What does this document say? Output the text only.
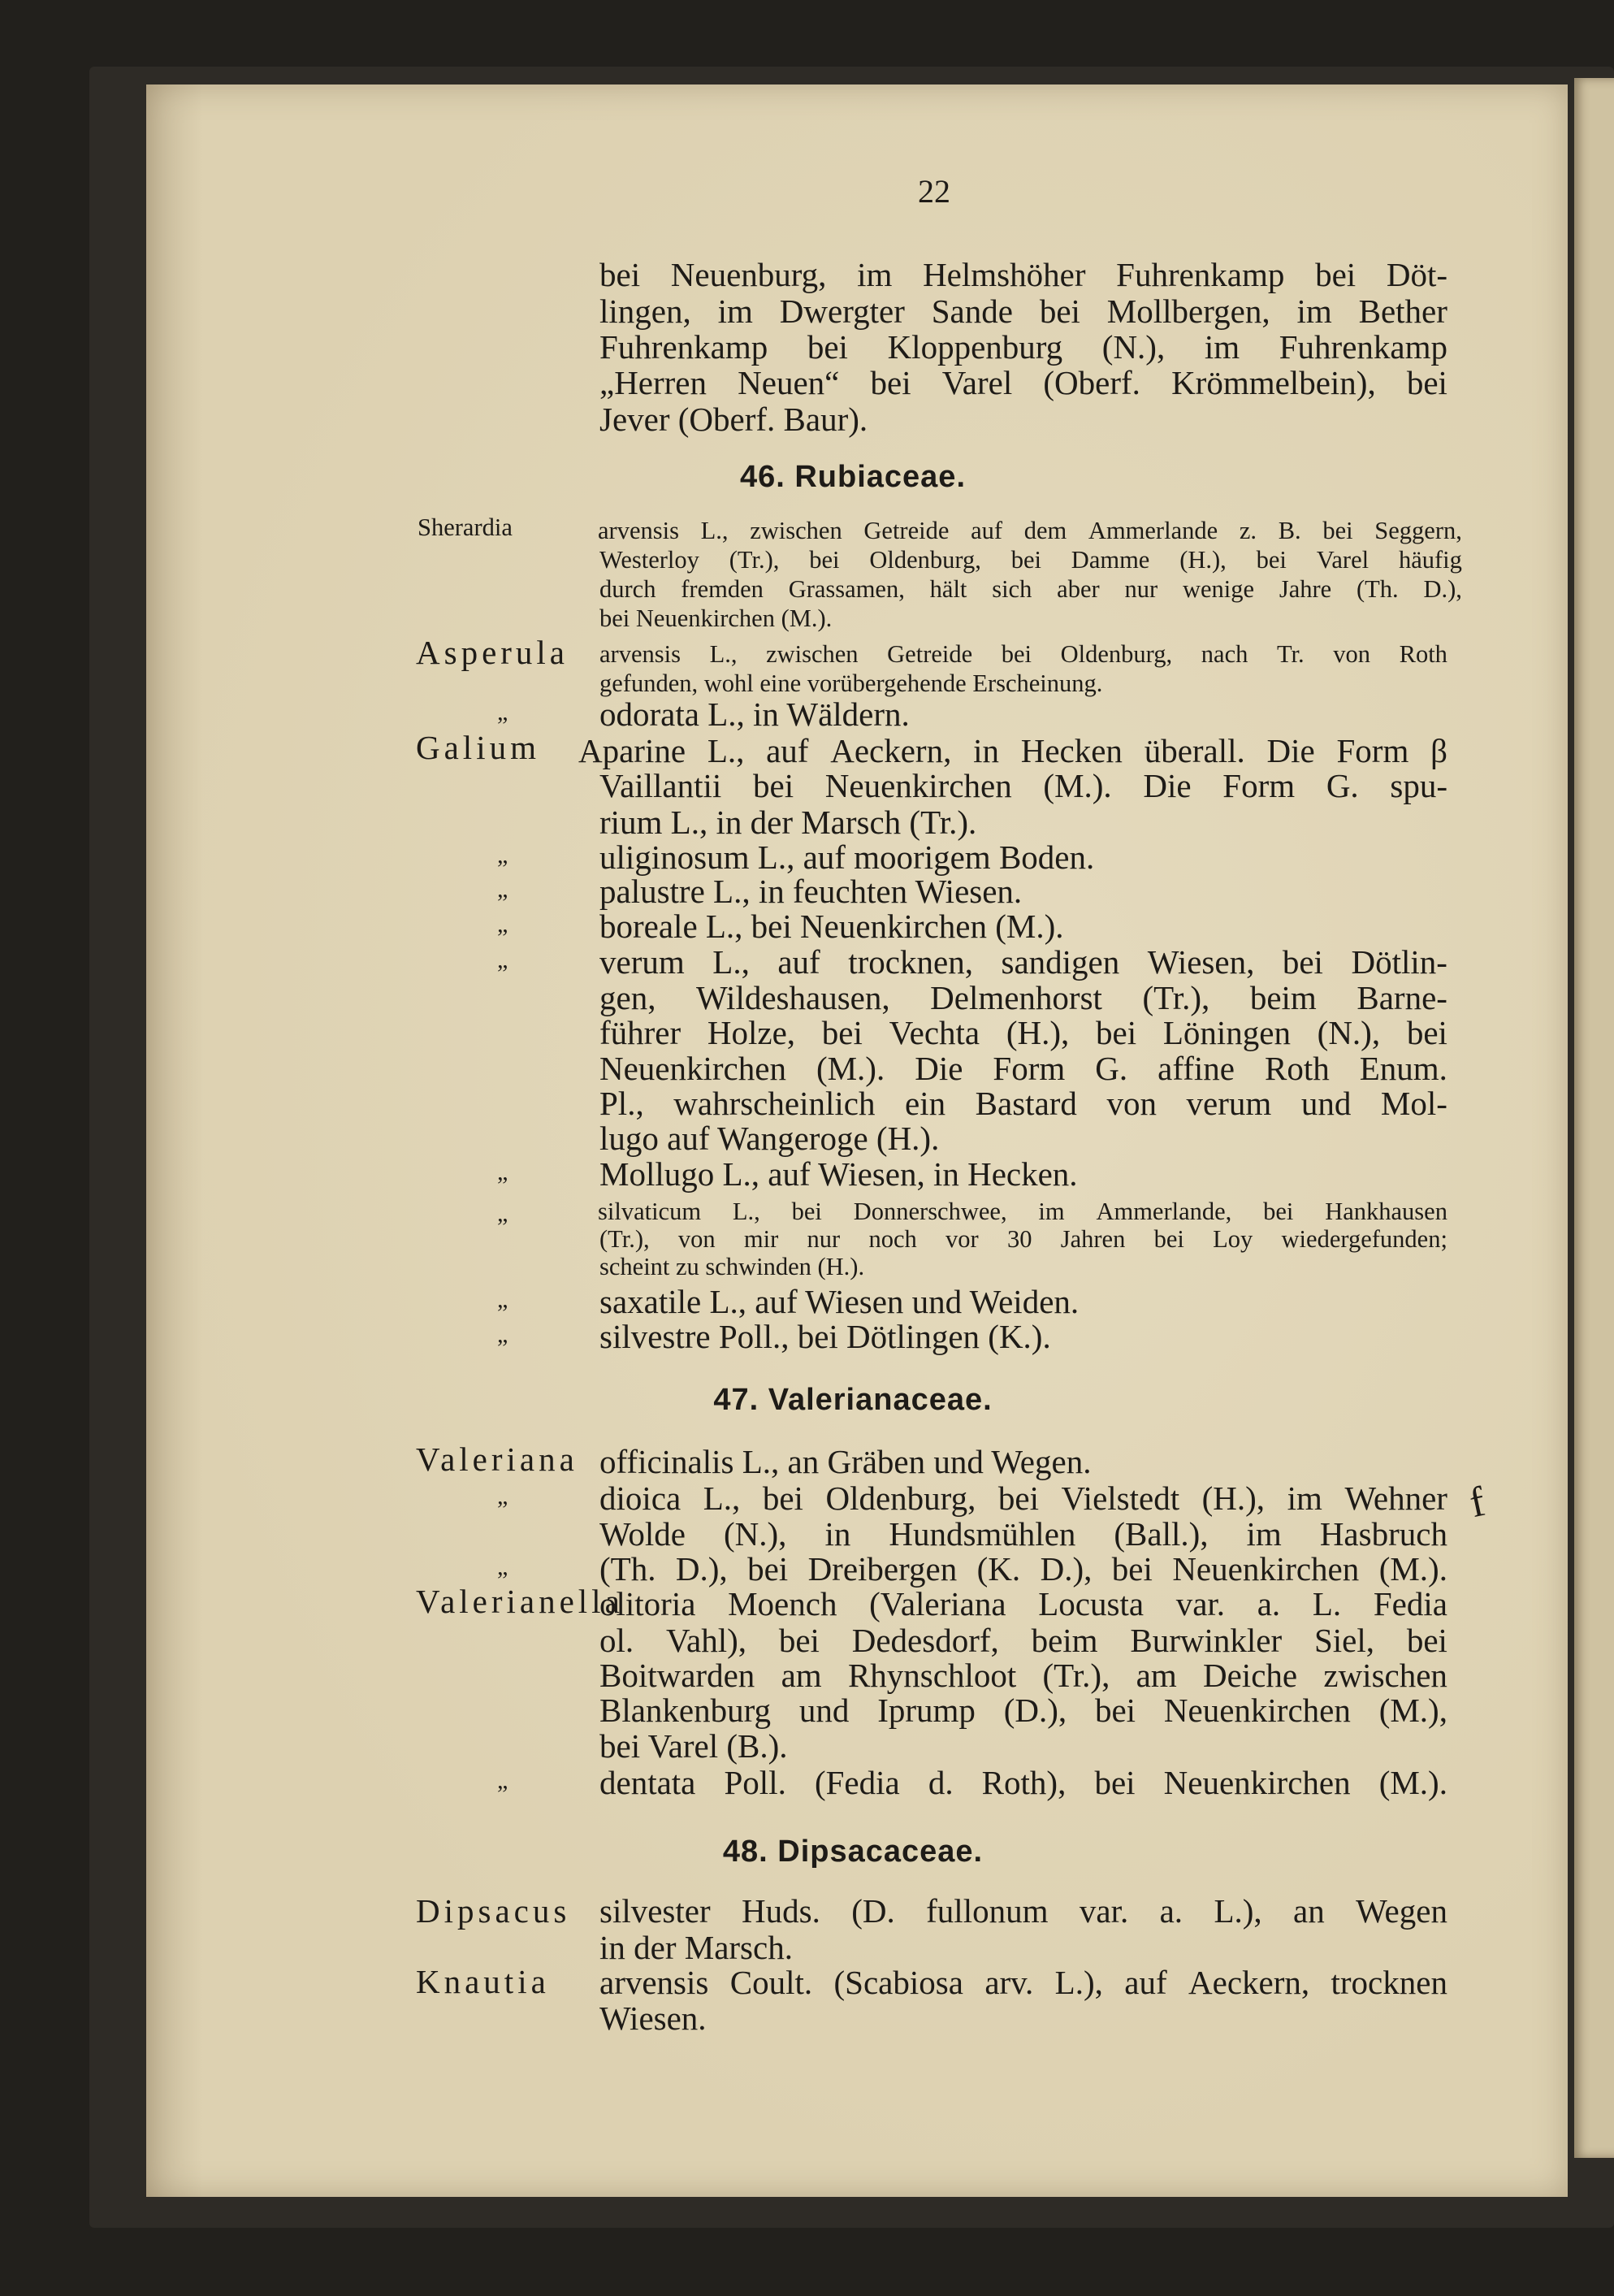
22
46. Rubiaceae.
47. Valerianaceae.
48. Dipsacaceae.
Sherardia
Asperula
Galium
Valeriana
Valerianella
Dipsacus
Knautia
f
bei Neuenburg, im Helmshöher Fuhrenkamp bei Döt-
lingen, im Dwergter Sande bei Mollbergen, im Bether
Fuhrenkamp bei Kloppenburg (N.), im Fuhrenkamp
„Herren Neuen“ bei Varel (Oberf. Krömmelbein), bei
Jever (Oberf. Baur).
arvensis L., zwischen Getreide auf dem Ammerlande z. B. bei Seggern,
Westerloy (Tr.), bei Oldenburg, bei Damme (H.), bei Varel häufig
durch fremden Grassamen, hält sich aber nur wenige Jahre (Th. D.),
bei Neuenkirchen (M.).
arvensis L., zwischen Getreide bei Oldenburg, nach Tr. von Roth
gefunden, wohl eine vorübergehende Erscheinung.
odorata L., in Wäldern.
„
Aparine L., auf Aeckern, in Hecken überall. Die Form β
Vaillantii bei Neuenkirchen (M.). Die Form G. spu-
rium L., in der Marsch (Tr.).
uliginosum L., auf moorigem Boden.
„
palustre L., in feuchten Wiesen.
„
boreale L., bei Neuenkirchen (M.).
„
verum L., auf trocknen, sandigen Wiesen, bei Dötlin-
„
gen, Wildeshausen, Delmenhorst (Tr.), beim Barne-
führer Holze, bei Vechta (H.), bei Löningen (N.), bei
Neuenkirchen (M.). Die Form G. affine Roth Enum.
Pl., wahrscheinlich ein Bastard von verum und Mol-
lugo auf Wangeroge (H.).
Mollugo L., auf Wiesen, in Hecken.
„
silvaticum L., bei Donnerschwee, im Ammerlande, bei Hankhausen
„
(Tr.), von mir nur noch vor 30 Jahren bei Loy wiedergefunden;
scheint zu schwinden (H.).
saxatile L., auf Wiesen und Weiden.
„
silvestre Poll., bei Dötlingen (K.).
„
officinalis L., an Gräben und Wegen.
dioica L., bei Oldenburg, bei Vielstedt (H.), im Wehner
„
Wolde (N.), in Hundsmühlen (Ball.), im Hasbruch
(Th. D.), bei Dreibergen (K. D.), bei Neuenkirchen (M.).
„
olitoria Moench (Valeriana Locusta var. a. L. Fedia
ol. Vahl), bei Dedesdorf, beim Burwinkler Siel, bei
Boitwarden am Rhynschloot (Tr.), am Deiche zwischen
Blankenburg und Iprump (D.), bei Neuenkirchen (M.),
bei Varel (B.).
dentata Poll. (Fedia d. Roth), bei Neuenkirchen (M.).
„
silvester Huds. (D. fullonum var. a. L.), an Wegen
in der Marsch.
arvensis Coult. (Scabiosa arv. L.), auf Aeckern, trocknen
Wiesen.
